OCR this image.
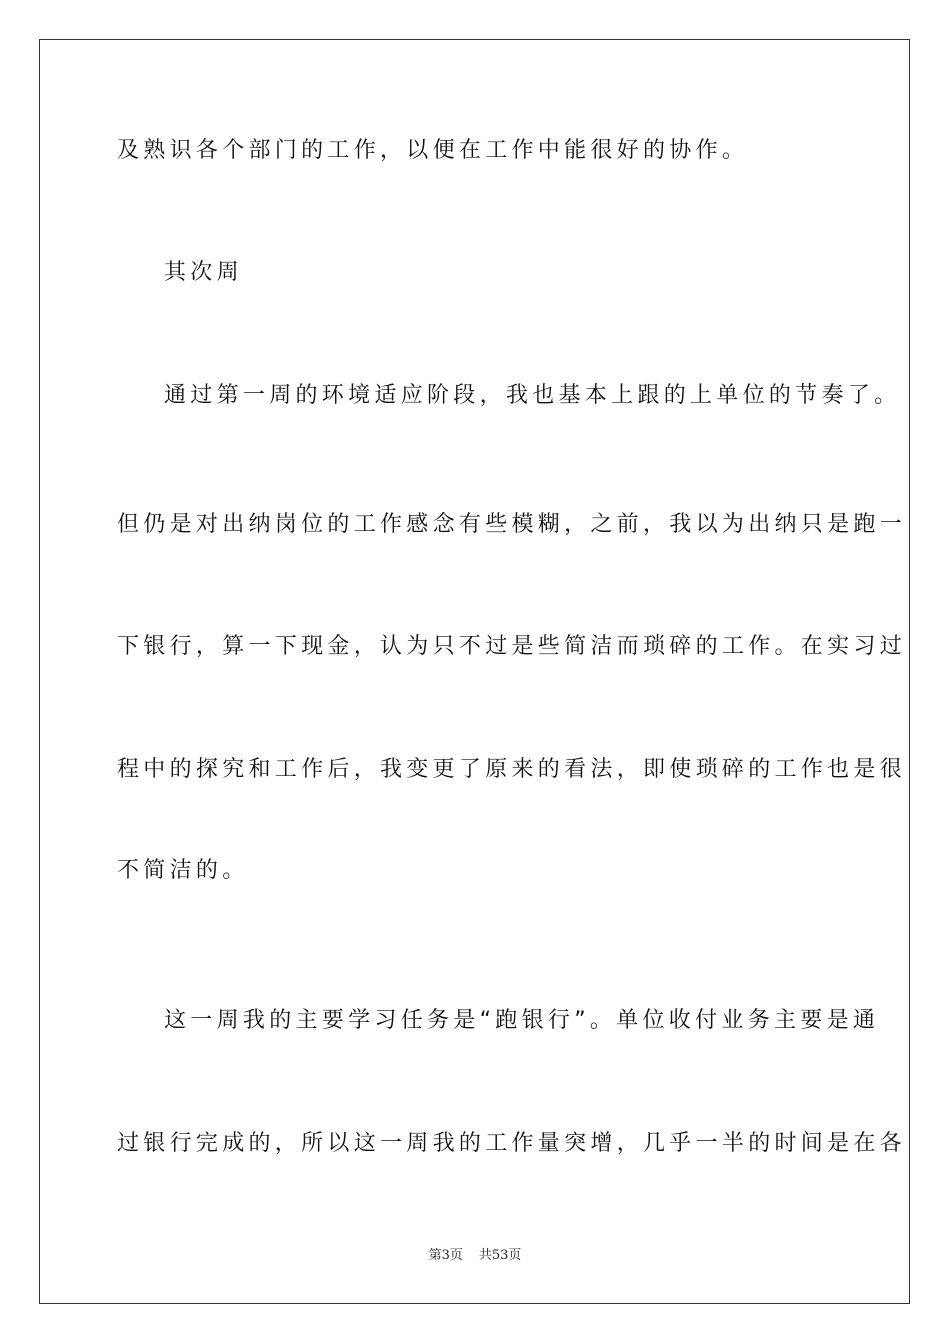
及熟识各个部门的工作，以便在工作中能很好的协作。
其次周
通过第一周的环境适应阶段，我也基本上跟的上单位的节奏了。
但仍是对出纳岗位的工作感念有些模糊，之前，我以为出纳只是跑一
下银行，算一下现金，认为只不过是些简洁而琐碎的工作。在实习过
程中的探究和工作后，我变更了原来的看法，即使琐碎的工作也是很
不简洁的。
这一周我的主要学习任务是“跑银行”。单位收付业务主要是通
过银行完成的，所以这一周我的工作量突增，几乎一半的时间是在各
第3页 共53页
